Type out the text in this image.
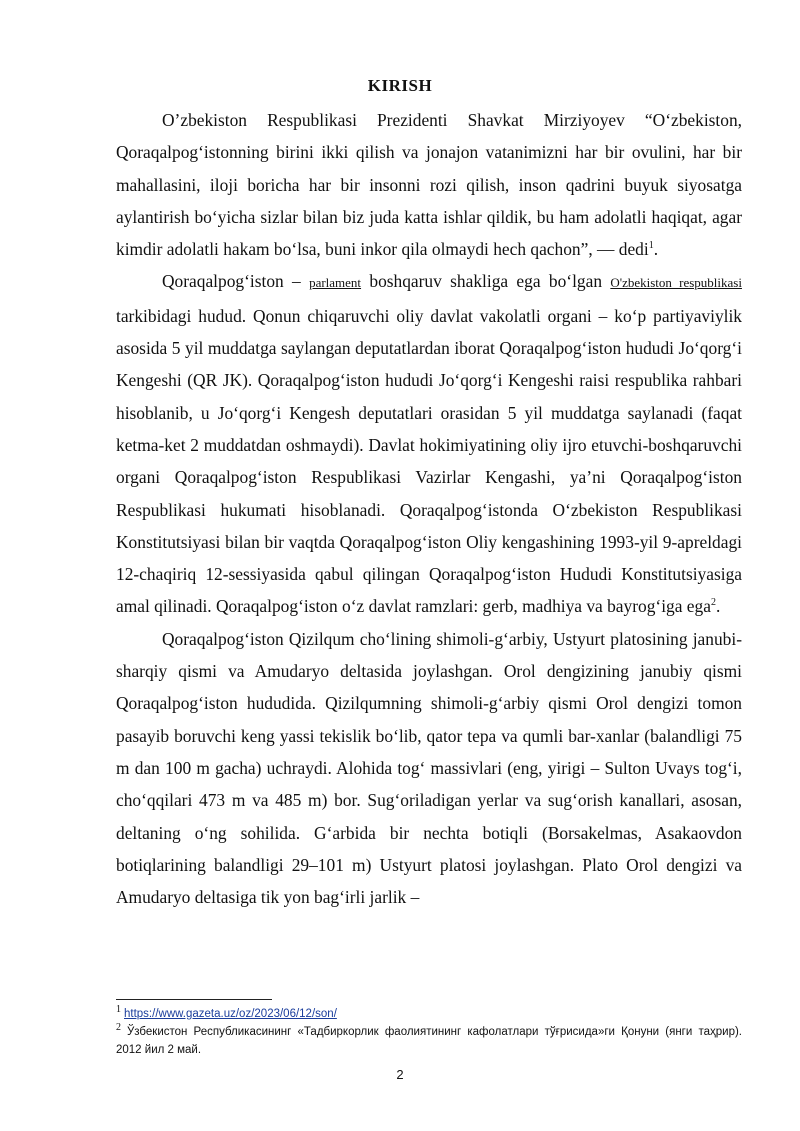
KIRISH

O’zbekiston Respublikasi Prezidenti Shavkat Mirziyoyev “O‘zbekiston, Qoraqalpog‘istonning birini ikki qilish va jonajon vatanimizni har bir ovulini, har bir mahallasini, iloji boricha har bir insonni rozi qilish, inson qadrini buyuk siyosatga aylantirish bo‘yicha sizlar bilan biz juda katta ishlar qildik, bu ham adolatli haqiqat, agar kimdir adolatli hakam bo‘lsa, buni inkor qila olmaydi hech qachon”, — dedi$^1$.

Qoraqalpog‘iston – parlament boshqaruv shakliga ega bo‘lgan O'zbekiston respublikasi tarkibidagi hudud. Qonun chiqaruvchi oliy davlat vakolatli organi – ko‘p partiyaviylik asosida 5 yil muddatga saylangan deputatlardan iborat Qoraqalpog‘iston hududi Jo‘qorg‘i Kengeshi (QR JK). Qoraqalpog‘iston hududi Jo‘qorg‘i Kengeshi raisi respublika rahbari hisoblanib, u Jo‘qorg‘i Kengesh deputatlari orasidan 5 yil muddatga saylanadi (faqat ketma-ket 2 muddatdan oshmaydi). Davlat hokimiyatining oliy ijro etuvchi-boshqaruvchi organi Qoraqalpog‘iston Respublikasi Vazirlar Kengashi, ya’ni Qoraqalpog‘iston Respublikasi hukumati hisoblanadi. Qoraqalpog‘istonda O‘zbekiston Respublikasi Konstitutsiyasi bilan bir vaqtda Qoraqalpog‘iston Oliy kengashining 1993-yil 9-apreldagi 12-chaqiriq 12-sessiyasida qabul qilingan Qoraqalpog‘iston Hududi Konstitutsiyasiga amal qilinadi. Qoraqalpog‘iston o‘z davlat ramzlari: gerb, madhiya va bayrog‘iga ega$^2$.

Qoraqalpog‘iston Qizilqum cho‘lining shimoli-g‘arbiy, Ustyurt platosining janubi-sharqiy qismi va Amudaryo deltasida joylashgan. Orol dengizining janubiy qismi Qoraqalpog‘iston hududida. Qizilqumning shimoli-g‘arbiy qismi Orol dengizi tomon pasayib boruvchi keng yassi tekislik bo‘lib, qator tepa va qumli bar-xanlar (balandligi 75 m dan 100 m gacha) uchraydi. Alohida tog‘ massivlari (eng, yirigi – Sulton Uvays tog‘i, cho‘qqilari 473 m va 485 m) bor. Sug‘oriladigan yerlar va sug‘orish kanallari, asosan, deltaning o‘ng sohilida. G‘arbida bir nechta botiqli (Borsakelmas, Asakaovdon botiqlarining balandligi 29–101 m) Ustyurt platosi joylashgan. Plato Orol dengizi va Amudaryo deltasiga tik yon bag‘irli jarlik –

$^1$ https://www.gazeta.uz/oz/2023/06/12/son/

$^2$ Ўзбекистон Республикасининг «Тадбиркорлик фаолиятининг кафолатлари тўғрисида»ги Қонуни (янги таҳрир). 2012 йил 2 май.

2
